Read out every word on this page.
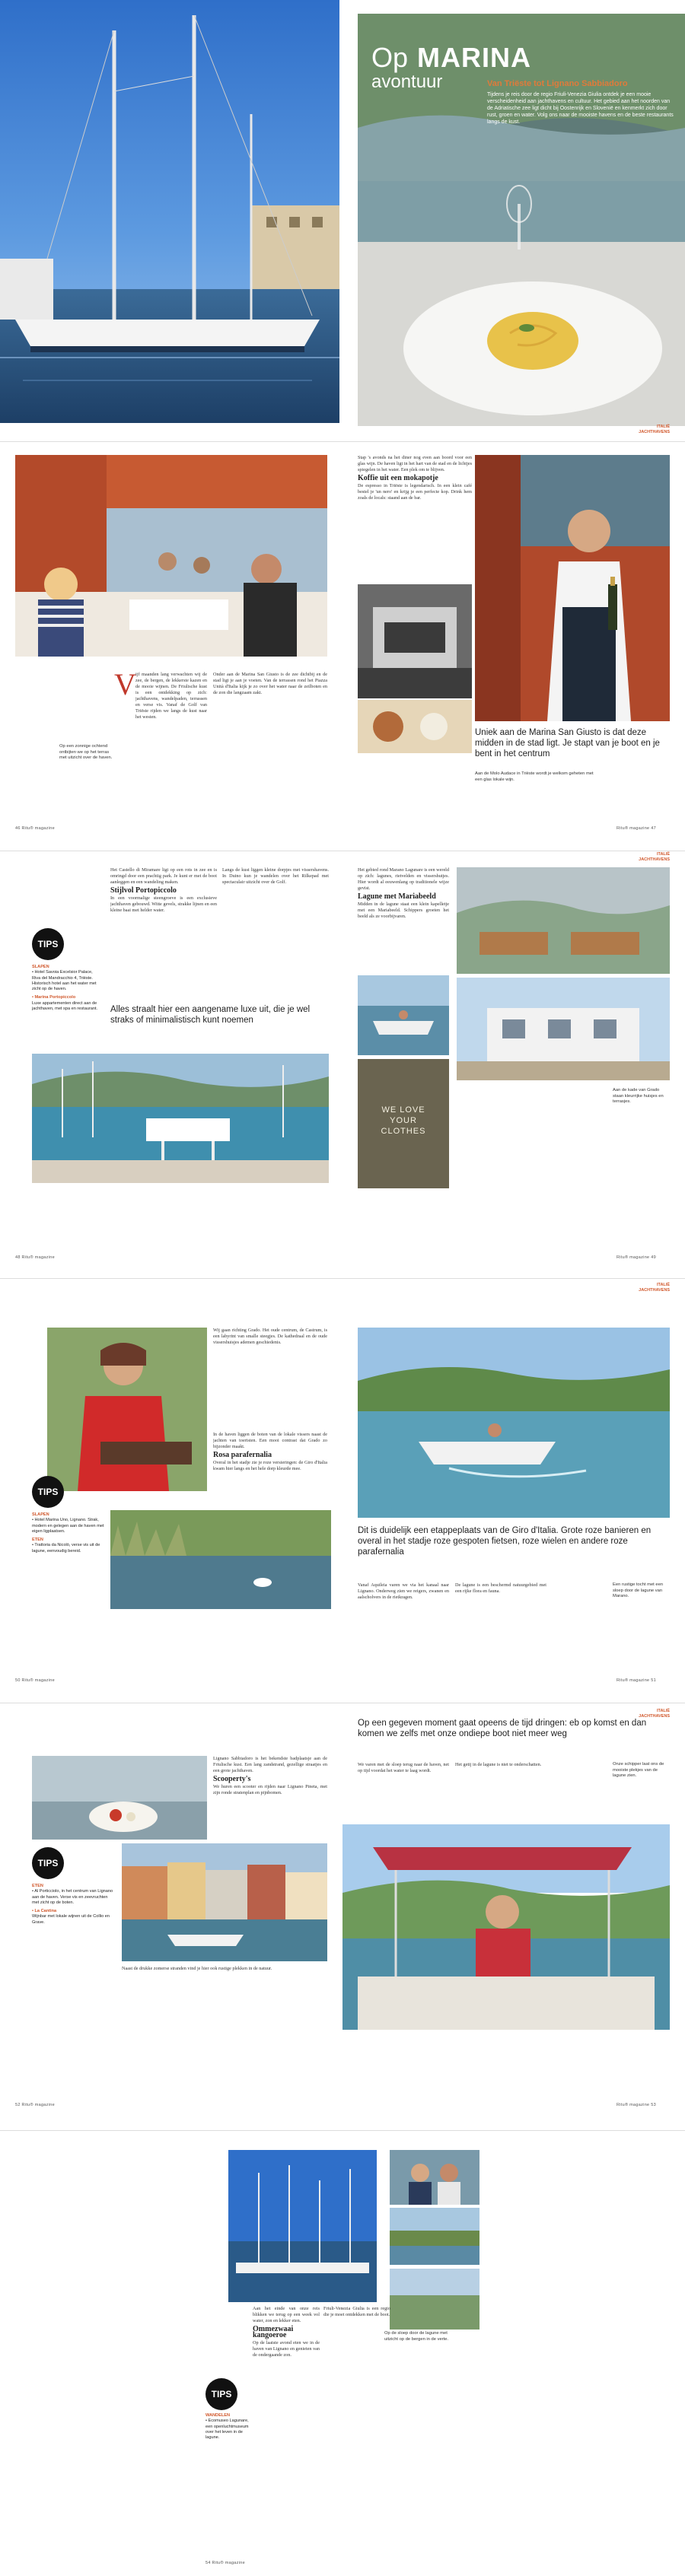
Op MARINA
avontuur	Van Triëste tot Lignano Sabbiadoro
Tijdens je reis door de regio Friuli-Venezia Giulia ontdek je een mooie verscheidenheid aan jachthavens en cultuur. Het gebied aan het noorden van de Adriatische zee ligt dicht bij Oostenrijk en Slovenië en kenmerkt zich door rust, groen en water. Volg ons naar de mooiste havens en de beste restaurants langs de kust.
ITALIË
JACHTHAVENS
Op een zonnige ochtend ontbijten we op het terras met uitzicht over de haven.
V ijf maanden lang verwachten wij de zee, de bergen, de lekkerste kazen en de mooie wijnen. De Friulische kust is een ontdekking op zich: jachthavens, wandelpaden, terrassen en verse vis. Vanaf de Golf van Triëste rijden we langs de kust naar het westen.

Onder aan de Marina San Giusto is de zee dichtbij en de stad ligt je aan je voeten. Van de terrassen rond het Piazza Unità d'Italia kijk je zo over het water naar de zeilboten en de zon die langzaam zakt.

Stap 's avonds na het diner nog even aan boord voor een glas wijn. De haven ligt in het hart van de stad en de lichtjes spiegelen in het water. Een plek om te blijven.

Koffie uit een mokapotje

De espresso in Triëste is legendarisch. In een klein café bestel je 'un nero' en krijg je een perfecte kop. Drink hem zoals de locals: staand aan de bar.

Uniek aan de Marina San Giusto is dat deze midden in de stad ligt. Je stapt van je boot en je bent in het centrum
Aan de Molo Audace in Triëste wordt je welkom geheten met een glas lokale wijn.
46 Ritu® magazine	Ritu® magazine 47
ITALIË
JACHTHAVENS
TIPS
SLAPEN
• Hotel Savoia Excelsior Palace, Riva del Mandracchio 4, Triëste. Historisch hotel aan het water met zicht op de haven.
• Marina Portopiccolo
Luxe appartementen direct aan de jachthaven, met spa en restaurant.

Het Castello di Miramare ligt op een rots in zee en is omringd door een prachtig park. Je kunt er met de boot aanleggen en een wandeling maken.

Stijlvol Portopiccolo

In een voormalige steengroeve is een exclusieve jachthaven gebouwd. Witte gevels, strakke lijnen en een kleine baai met helder water.

Langs de kust liggen kleine dorpjes met vissershavens. In Duino kun je wandelen over het Rilkepad met spectaculair uitzicht over de Golf.

Alles straalt hier een aangename luxe uit, die je wel straks of minimalistisch kunt noemen

Het gebied rond Marano Lagunare is een wereld op zich: lagunes, rietvelden en vissershutjes. Hier wordt al eeuwenlang op traditionele wijze gevist.

Lagune met Mariabeeld

Midden in de lagune staat een klein kapelletje met een Mariabeeld. Schippers groeten het beeld als ze voorbijvaren.

WE LOVE YOUR CLOTHES
Aan de kade van Grado staan kleurrijke huisjes en terrasjes.
48 Ritu® magazine	Ritu® magazine 49
ITALIË
JACHTHAVENS
TIPS
SLAPEN
• Hotel Marina Uno, Lignano. Strak, modern en gelegen aan de haven met eigen ligplaatsen.
ETEN
• Trattoria da Nicolò, verse vis uit de lagune, eenvoudig bereid.

Wij gaan richting Grado. Het oude centrum, de Castrum, is een labyrint van smalle steegjes. De kathedraal en de oude vissershuisjes ademen geschiedenis.

In de haven liggen de boten van de lokale vissers naast de jachten van toeristen. Een mooi contrast dat Grado zo bijzonder maakt.

Rosa parafernalia

Overal in het stadje zie je roze versieringen: de Giro d'Italia kwam hier langs en het hele dorp kleurde mee.

Dit is duidelijk een etappeplaats van de Giro d'Italia. Grote roze banieren en overal in het stadje roze gespoten fietsen, roze wielen en andere roze parafernalia

Vanaf Aquileia varen we via het kanaal naar Lignano. Onderweg zien we reigers, zwanen en aalscholvers in de rietkragen.

De lagune is een beschermd natuurgebied met een rijke flora en fauna.

Een rustige tocht met een sloep door de lagune van Marano.
50 Ritu® magazine	Ritu® magazine 51
ITALIË
JACHTHAVENS
TIPS
ETEN
• Al Porticciolo, in het centrum van Lignano aan de haven. Verse vis en zeevruchten met zicht op de boten.
• La Cantina
Wijnbar met lokale wijnen uit de Collio en Grave.

Lignano Sabbiadoro is het bekendste badplaatsje aan de Friulische kust. Een lang zandstrand, gezellige straatjes en een grote jachthaven.

Scooperty's

We huren een scooter en rijden naar Lignano Pineta, met zijn ronde stratenplan en pijnbomen.

Naast de drukke zomerse stranden vind je hier ook rustige plekken in de natuur.

Op een gegeven moment gaat opeens de tijd dringen: eb op komst en dan komen we zelfs met onze ondiepe boot niet meer weg

We varen met de sloep terug naar de haven, net op tijd voordat het water te laag wordt.

Het getij in de lagune is niet te onderschatten.	Onze schipper laat ons de mooiste plekjes van de lagune zien.
52 Ritu® magazine	Ritu® magazine 53
Op de sloep door de lagune met uitzicht op de bergen in de verte.
TIPS
WANDELEN
• Ecomuseo Lagunare, een openluchtmuseum over het leven in de lagune.

Aan het einde van onze reis blikken we terug op een week vol water, zon en lekker eten.

Ommezwaai kangoeroe

Op de laatste avond eten we in de haven van Lignano en genieten van de ondergaande zon.

Friuli-Venezia Giulia is een regio die je moet ontdekken met de boot.

54 Ritu® magazine
